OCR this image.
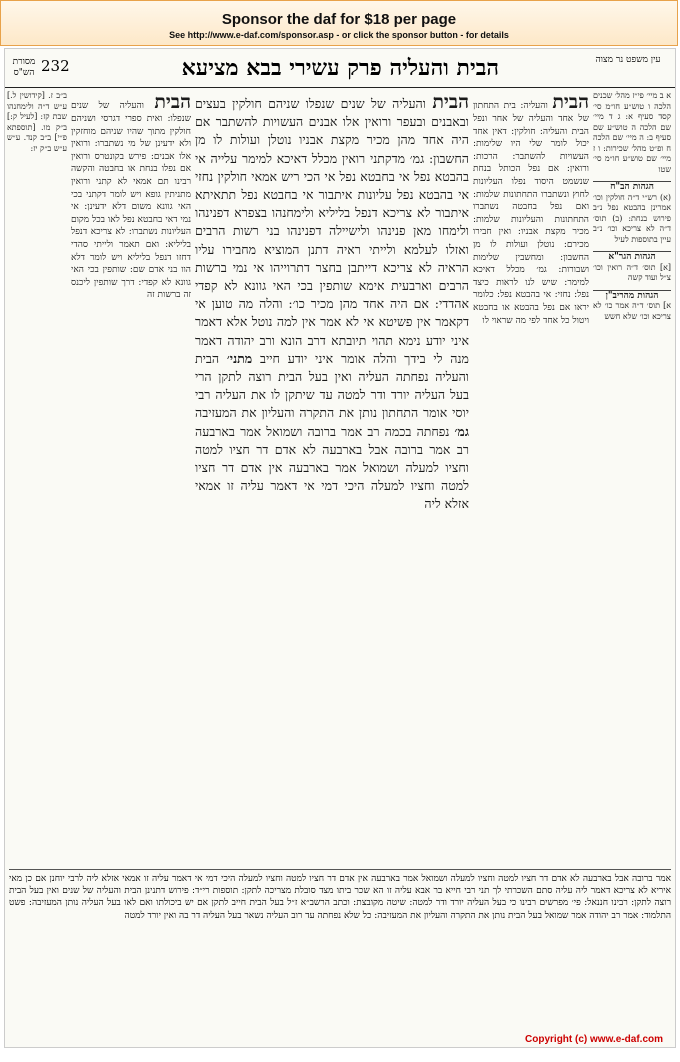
Sponsor the daf for $18 per page
See http://www.e-daf.com/sponsor.asp - or click the sponsor button - for details
עין משפט נר מצוה
הבית והעליה פרק עשירי בבא מציעא
232
מסורת הש"ס
א ב מיי׳ פי״ז מהל׳ שכנים הלכה ו טוש״ע חו״מ סי׳ קסד סעיף א: ג ד מיי׳ שם הלכה ה טוש״ע שם סעיף ב: ה מיי׳ שם הלכה ח ופ״ט מהל׳ שכירות: ו ז מיי׳ שם טוש״ע חו״מ סי׳ שטו
הגהות הב"ח
(א) רש״י ד״ה חולקין וכו׳ אמרינן בהבטא נפל נ״ב פירוש בנחת: (ב) תוס׳ ד״ה לא צריכא וכו׳ נ״ב עיין בתוספות לעיל
הגהות הגר"א
[א] תוס׳ ד״ה רואין וכו׳ צ״ל ועוד קשה
הגהות מהריב"ן
א] תוס׳ ד״ה אמר כו׳ לא צריכא וכו׳ שלא חשש
הבית והעליה: בית התחתון של אחד והעליה של אחר ונפל הבית והעליה: חולקין: דאין אחד יכול לומר שלי היו שלימות: העשויות להשתבר: הרכות: ורואין: אם נפל הכותל בנחת שנשמט היסוד נפלו העליונות לחוץ ונשתברו התחתונות שלמות: ואם נפל בחבטה נשתברו התחתונות והעליונות שלמות: מכיר מקצת אבניו: ואין חבירו מכירם: נוטלן ועולות לו מן החשבון: ומחשבין שלימות ושבורות: גמ׳ מכלל דאיכא למימר: שיש לנו לראות כיצד נפל: נחזי: אי בהבטא נפל: כלומר יראו אם נפל בהבטא או בחבטא ויטול כל אחד לפי מה שראוי לו
הבית והעליה של שנים שנפלו שניהם חולקין בעצים ובאבנים ובעפר ורואין אלו אבנים העשויות להשתבר אם היה אחד מהן מכיר מקצת אבניו נוטלן ועולות לו מן החשבון: גמ׳ מדקתני רואין מכלל דאיכא למימר עלייה אי בהבטא נפל אי בחבטא נפל אי הכי ריש אמאי חולקין נחזי אי בהבטא נפל עליונות איתבור אי בחבטא נפל תתאיתא איתבור לא צריכא דנפל בליליא ולימחנהו בצפרא דפנינהו ולימחו מאן פנינהו ולישיילה דפנינהו בני רשות הרבים ואזלו לעלמא ולייתי ראיה דתנן המוציא מחבירו עליו הראיה לא צריכא דייתבן בחצר דתרוייהו אי נמי ברשות הרבים וארבעית אימא שותפין בכי האי גוונא לא קפדי אהדדי: אם היה אחד מהן מכיר כו׳: והלה מה טוען אי דקאמר אין פשיטא אי לא אמר אין למה נוטל אלא דאמר איני יודע נימא תהוי תיובתא דרב הונא ורב יהודה דאמר מנה לי בידך והלה אומר איני יודע חייב מתני׳ הבית והעליה נפחתה העליה ואין בעל הבית רוצה לתקן הרי בעל העליה יורד ודר למטה עד שיתקן לו את העליה רבי יוסי אומר התחתון נותן את התקרה והעליון את המעזיבה גמ׳ נפחתה בכמה רב אמר ברובה ושמואל אמר בארבעה רב אמר ברובה אבל בארבעה לא אדם דר חציו למטה וחציו למעלה ושמואל אמר בארבעה אין אדם דר חציו למטה וחציו למעלה היכי דמי אי דאמר עליה זו אמאי אזלא ליה
הבית והעליה של שנים שנפלו: ואית ספרי דגרסי ושניהם חולקין מתוך שהיו שניהם מוחזקין ולא ידעינן של מי נשתברו: ורואין אלו אבנים: פירש בקונטרס ורואין אם נפלו בנחת או בחבטה והקשה רבינו תם אמאי לא קתני ורואין מתניתין גופא ויש לומר דקתני בכי האי גוונא משום דלא ידעינן: אי נמי דאי בחבטא נפל לאו בכל מקום העליונות נשתברו: לא צריכא דנפל בליליא: ואם תאמר ולייתי סהדי דחזו דנפל בליליא ויש לומר דלא הוו בני אדם שם: שותפין בכי האי גוונא לא קפדי: דרך שותפין ליכנס זה ברשות זה
ב״ב ז. [קידושין ל.] ע״ש ד״ה ולימחנהו שבת קז: [לעיל ק:] ב״ק מו. [תוספתא פ״י] ב״ב קנד. ע״ש ע״ש ב״ק יז:
אמר ברובה אבל בארבעה לא אדם דר חציו למטה וחציו למעלה ושמואל אמר בארבעה אין אדם דר חציו למטה וחציו למעלה היכי דמי אי דאמר עליה זו אמאי אזלא ליה לרבי יוחנן אם כן מאי איריא לא צריכא דאמר ליה עליה סתם השכרתי לך תני רבי חייא בר אבא עליה זו הא שכר ביתו מצד סובלת מצריכה לתקן: תוספות רי״ד: פירוש דתנינן הבית והעליה של שנים ואין בעל הבית רוצה לתקן: רבינו חננאל: פי׳ מפרשים רבינו כי בעל העליה יורד ודר למטה: שיטה מקובצת: וכתב הרשב״א ז״ל בעל הבית חייב לתקן אם יש ביכולתו ואם לאו בעל העליה נותן המעזיבה: פשט התלמוד: אמר רב יהודה אמר שמואל בעל הבית נותן את התקרה והעליון את המעזיבה: כל שלא נפחתה עד רוב העליה נשאר בעל העליה דר בה ואין יורד למטה
Copyright (c) www.e-daf.com
